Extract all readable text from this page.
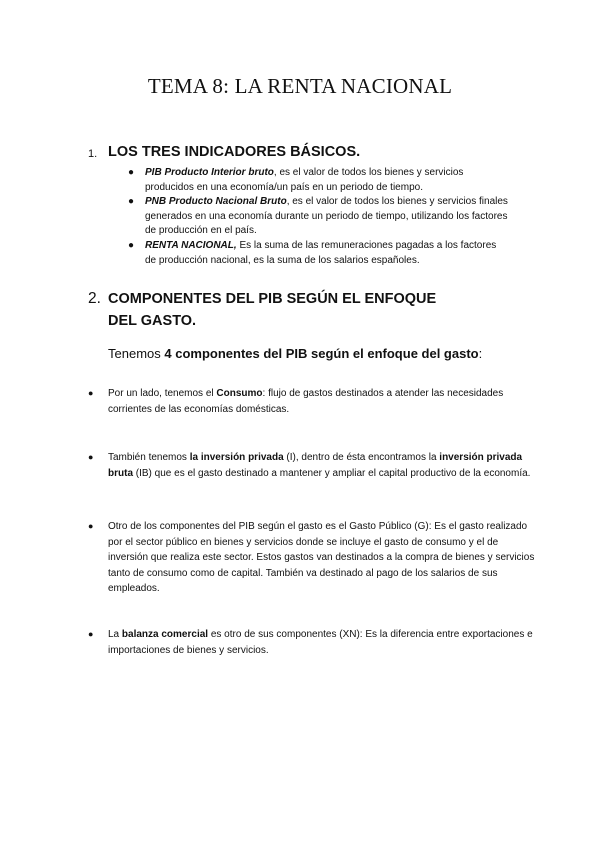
TEMA 8: LA RENTA NACIONAL
1. LOS TRES INDICADORES BÁSICOS.
● PIB Producto Interior bruto, es el valor de todos los bienes y servicios producidos en una economía/un país en un periodo de tiempo.
● PNB Producto Nacional Bruto, es el valor de todos los bienes y servicios finales generados en una economía durante un periodo de tiempo, utilizando los factores de producción en el país.
● RENTA NACIONAL, Es la suma de las remuneraciones pagadas a los factores de producción nacional, es la suma de los salarios españoles.
2. COMPONENTES DEL PIB SEGÚN EL ENFOQUE DEL GASTO.
Tenemos 4 componentes del PIB según el enfoque del gasto:
● Por un lado, tenemos el Consumo: flujo de gastos destinados a atender las necesidades corrientes de las economías domésticas.
● También tenemos la inversión privada (I), dentro de ésta encontramos la inversión privada bruta (IB) que es el gasto destinado a mantener y ampliar el capital productivo de la economía.
● Otro de los componentes del PIB según el gasto es el Gasto Público (G): Es el gasto realizado por el sector público en bienes y servicios donde se incluye el gasto de consumo y el de inversión que realiza este sector. Estos gastos van destinados a la compra de bienes y servicios tanto de consumo como de capital. También va destinado al pago de los salarios de sus empleados.
● La balanza comercial es otro de sus componentes (XN): Es la diferencia entre exportaciones e importaciones de bienes y servicios.
